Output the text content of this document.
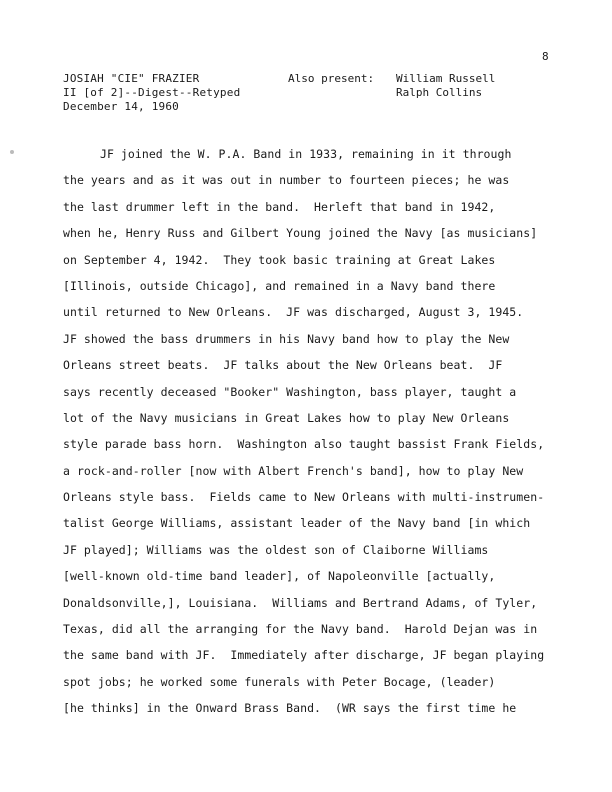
8
JOSIAH "CIE" FRAZIER
II [of 2]--Digest--Retyped
December 14, 1960
Also present: William Russell
Ralph Collins
JF joined the W. P.A. Band in 1933, remaining in it through
the years and as it was out in number to fourteen pieces; he was
the last drummer left in the band.  Herleft that band in 1942,
when he, Henry Russ and Gilbert Young joined the Navy [as musicians]
on September 4, 1942.  They took basic training at Great Lakes
[Illinois, outside Chicago], and remained in a Navy band there
until returned to New Orleans.  JF was discharged, August 3, 1945.
JF showed the bass drummers in his Navy band how to play the New
Orleans street beats.  JF talks about the New Orleans beat.  JF
says recently deceased "Booker" Washington, bass player, taught a
lot of the Navy musicians in Great Lakes how to play New Orleans
style parade bass horn.  Washington also taught bassist Frank Fields,
a rock-and-roller [now with Albert French's band], how to play New
Orleans style bass.  Fields came to New Orleans with multi-instrumen-
talist George Williams, assistant leader of the Navy band [in which
JF played]; Williams was the oldest son of Claiborne Williams
[well-known old-time band leader], of Napoleonville [actually,
Donaldsonville,], Louisiana.  Williams and Bertrand Adams, of Tyler,
Texas, did all the arranging for the Navy band.  Harold Dejan was in
the same band with JF.  Immediately after discharge, JF began playing
spot jobs; he worked some funerals with Peter Bocage, (leader)
[he thinks] in the Onward Brass Band.  (WR says the first time he
